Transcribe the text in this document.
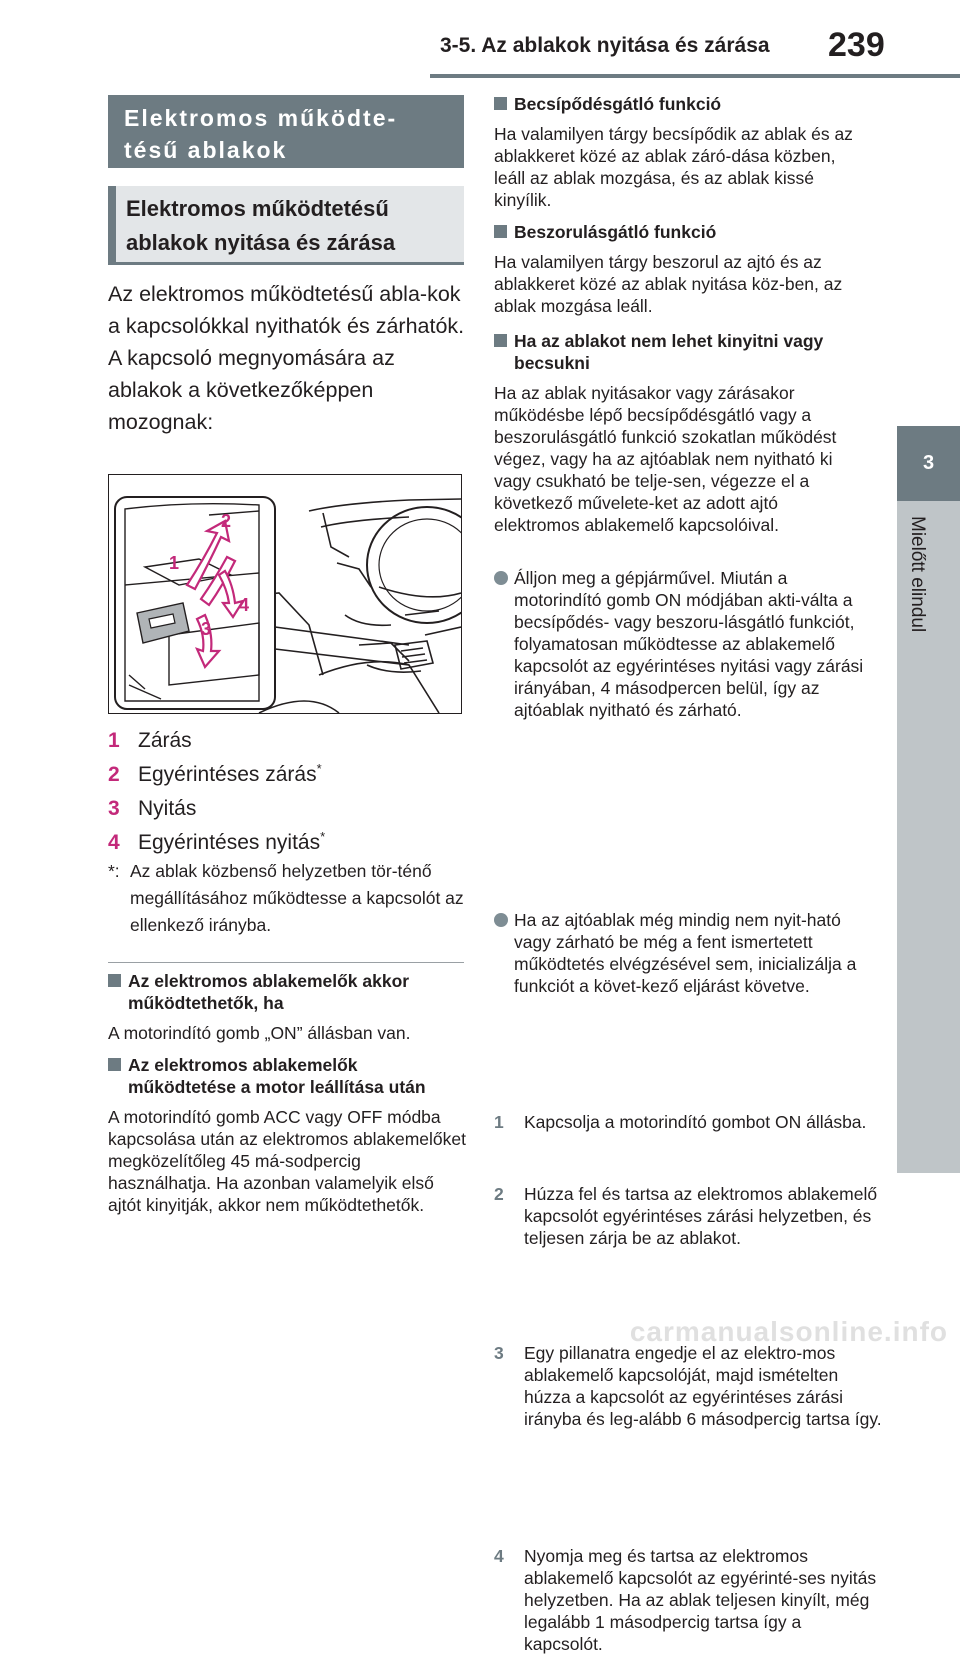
3-5. Az ablakok nyitása és zárása 239
3
Mielőtt elindul
Elektromos működte-tésű ablakok
Elektromos működtetésű ablakok nyitása és zárása

Az elektromos működtetésű abla-kok a kapcsolókkal nyithatók és zárhatók. A kapcsoló megnyomására az ablakok a következőképpen mozognak:

2
1
4
3
1 Zárás
2 Egyérintéses zárás*
3 Nyitás
4 Egyérintéses nyitás*
*: Az ablak közbenső helyzetben tör-ténő megállításához működtesse a kapcsolót az ellenkező irányba.
Az elektromos ablakemelők akkor működtethetők, ha
A motorindító gomb „ON” állásban van.
Az elektromos ablakemelők működtetése a motor leállítása után
A motorindító gomb ACC vagy OFF módba kapcsolása után az elektromos ablakemelőket megközelítőleg 45 má-sodpercig használhatja. Ha azonban valamelyik első ajtót kinyitják, akkor nem működtethetők.
Becsípődésgátló funkció
Ha valamilyen tárgy becsípődik az ablak és az ablakkeret közé az ablak záró-dása közben, leáll az ablak mozgása, és az ablak kissé kinyílik.
Beszorulásgátló funkció
Ha valamilyen tárgy beszorul az ajtó és az ablakkeret közé az ablak nyitása köz-ben, az ablak mozgása leáll.
Ha az ablakot nem lehet kinyitni vagy becsukni
Ha az ablak nyitásakor vagy zárásakor működésbe lépő becsípődésgátló vagy a beszorulásgátló funkció szokatlan működést végez, vagy ha az ajtóablak nem nyitható ki vagy csukható be telje-sen, végezze el a következő művelete-ket az adott ajtó elektromos ablakemelő kapcsolóival.
Álljon meg a gépjárművel. Miután a motorindító gomb ON módjában akti-válta a becsípődés- vagy beszoru-lásgátló funkciót, folyamatosan működtesse az ablakemelő kapcsolót az egyérintéses nyitási vagy zárási irányában, 4 másodpercen belül, így az ajtóablak nyitható és zárható.
Ha az ajtóablak még mindig nem nyit-ható vagy zárható be még a fent ismertetett működtetés elvégzésével sem, inicializálja a funkciót a követ-kező eljárást követve.
1 Kapcsolja a motorindító gombot ON állásba.
2 Húzza fel és tartsa az elektromos ablakemelő kapcsolót egyérintéses zárási helyzetben, és teljesen zárja be az ablakot.
3 Egy pillanatra engedje el az elektro-mos ablakemelő kapcsolóját, majd ismételten húzza a kapcsolót az egyérintéses zárási irányba és leg-alább 6 másodpercig tartsa így.
4 Nyomja meg és tartsa az elektromos ablakemelő kapcsolót az egyérinté-ses nyitás helyzetben. Ha az ablak teljesen kinyílt, még legalább 1 másodpercig tartsa így a kapcsolót.
carmanualsonline.info
